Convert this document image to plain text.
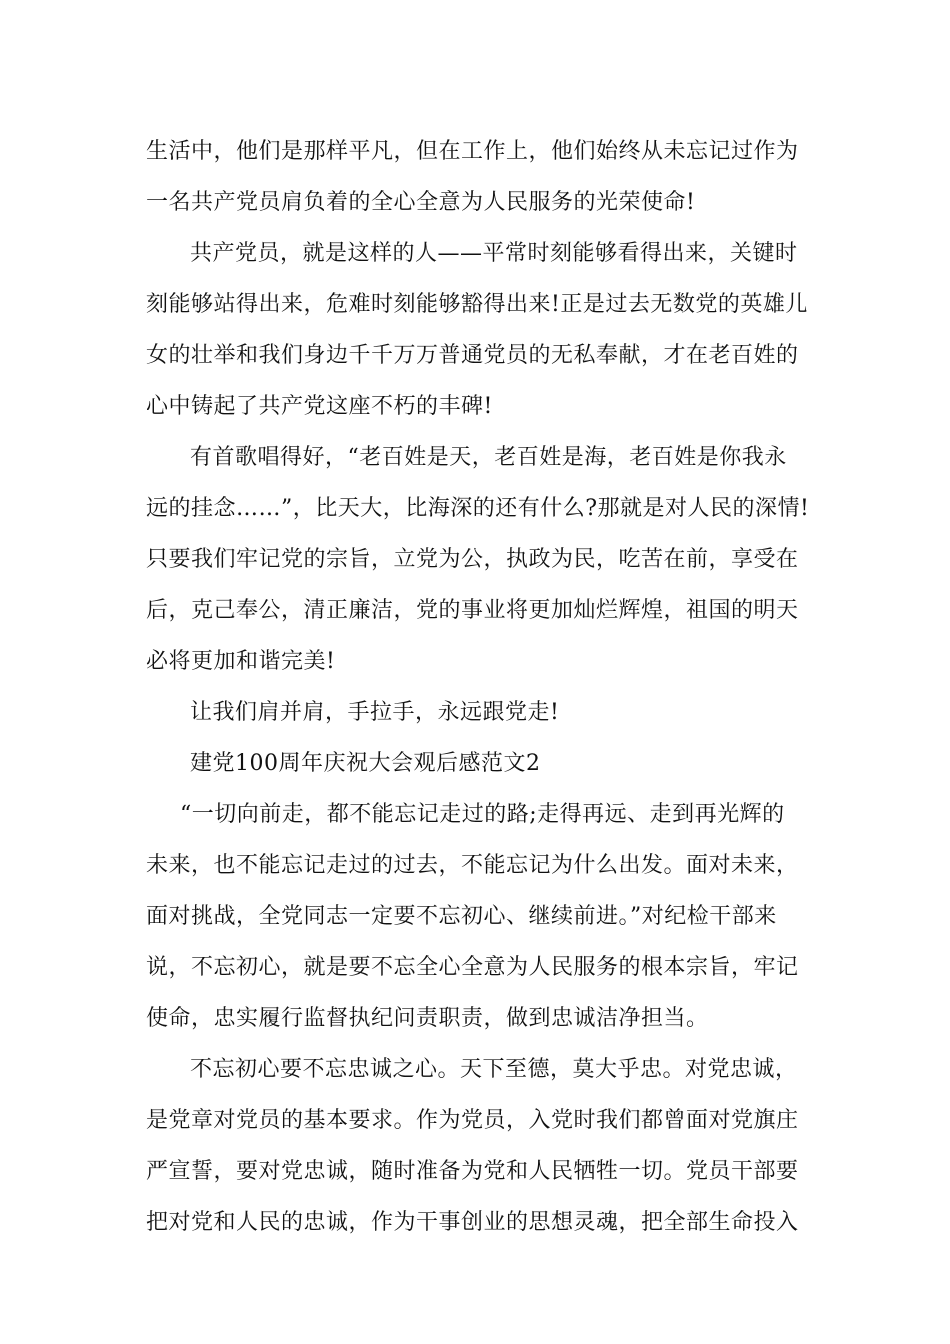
生活中，他们是那样平凡，但在工作上，他们始终从未忘记过作为
一名共产党员肩负着的全心全意为人民服务的光荣使命!
共产党员，就是这样的人——平常时刻能够看得出来，关键时
刻能够站得出来，危难时刻能够豁得出来!正是过去无数党的英雄儿
女的壮举和我们身边千千万万普通党员的无私奉献，才在老百姓的
心中铸起了共产党这座不朽的丰碑!
有首歌唱得好，“老百姓是天，老百姓是海，老百姓是你我永
远的挂念……”，比天大，比海深的还有什么?那就是对人民的深情!
只要我们牢记党的宗旨，立党为公，执政为民，吃苦在前，享受在
后，克己奉公，清正廉洁，党的事业将更加灿烂辉煌，祖国的明天
必将更加和谐完美!
让我们肩并肩，手拉手，永远跟党走!
建党100周年庆祝大会观后感范文2
“一切向前走，都不能忘记走过的路;走得再远、走到再光辉的
未来，也不能忘记走过的过去，不能忘记为什么出发。面对未来，
面对挑战，全党同志一定要不忘初心、继续前进。”对纪检干部来
说，不忘初心，就是要不忘全心全意为人民服务的根本宗旨，牢记
使命，忠实履行监督执纪问责职责，做到忠诚洁净担当。
不忘初心要不忘忠诚之心。天下至德，莫大乎忠。对党忠诚，
是党章对党员的基本要求。作为党员，入党时我们都曾面对党旗庄
严宣誓，要对党忠诚，随时准备为党和人民牺牲一切。党员干部要
把对党和人民的忠诚，作为干事创业的思想灵魂，把全部生命投入
